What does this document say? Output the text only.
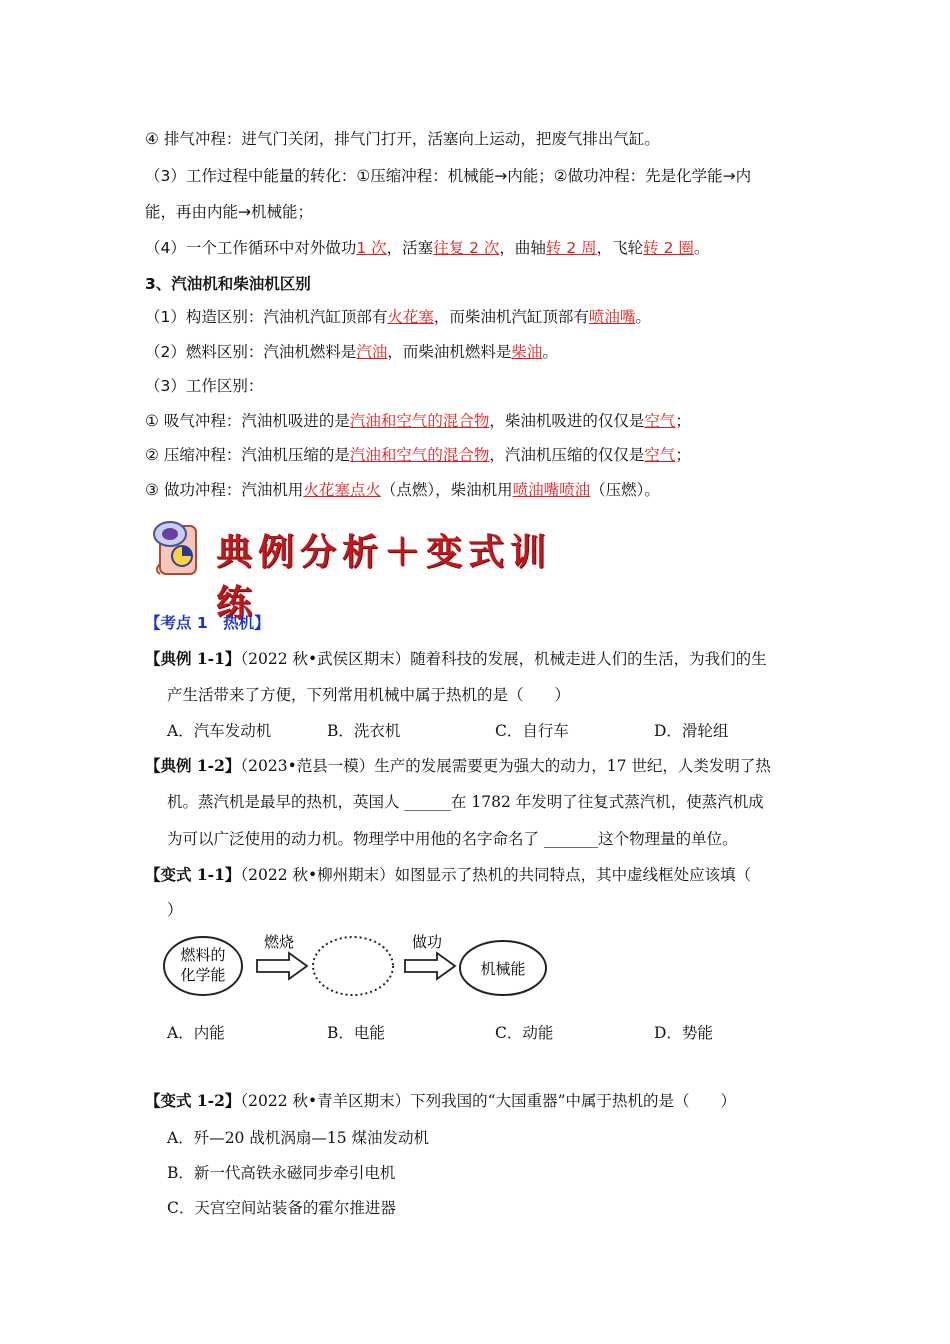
④ 排气冲程：进气门关闭，排气门打开，活塞向上运动，把废气排出气缸。
（3）工作过程中能量的转化：①压缩冲程：机械能→内能；②做功冲程：先是化学能→内
能，再由内能→机械能；
（4）一个工作循环中对外做功1 次，活塞往复 2 次，曲轴转 2 周，飞轮转 2 圈。
3、汽油机和柴油机区别
（1）构造区别：汽油机汽缸顶部有火花塞，而柴油机汽缸顶部有喷油嘴。
（2）燃料区别：汽油机燃料是汽油，而柴油机燃料是柴油。
（3）工作区别：
① 吸气冲程：汽油机吸进的是汽油和空气的混合物，柴油机吸进的仅仅是空气；
② 压缩冲程：汽油机压缩的是汽油和空气的混合物，汽油机压缩的仅仅是空气；
③ 做功冲程：汽油机用火花塞点火（点燃），柴油机用喷油嘴喷油（压燃）。
典例分析＋变式训练
【考点 1　热机】
【典例 1-1】（2022 秋•武侯区期末）随着科技的发展，机械走进人们的生活，为我们的生
产生活带来了方便，下列常用机械中属于热机的是（　　）
A．汽车发动机	B．洗衣机	C．自行车	D．滑轮组
【典例 1-2】（2023•范县一模）生产的发展需要更为强大的动力，17 世纪，人类发明了热
机。蒸汽机是最早的热机，英国人 ______在 1782 年发明了往复式蒸汽机，使蒸汽机成
为可以广泛使用的动力机。物理学中用他的名字命名了 _______这个物理量的单位。
【变式 1-1】（2022 秋•柳州期末）如图显示了热机的共同特点，其中虚线框处应该填（
）
燃料的
化学能
燃烧	做功
机械能
A．内能	B．电能	C．动能	D．势能
【变式 1-2】（2022 秋•青羊区期末）下列我国的“大国重器”中属于热机的是（　　）
A．歼—20 战机涡扇—15 煤油发动机
B．新一代高铁永磁同步牵引电机
C．天宫空间站装备的霍尔推进器
